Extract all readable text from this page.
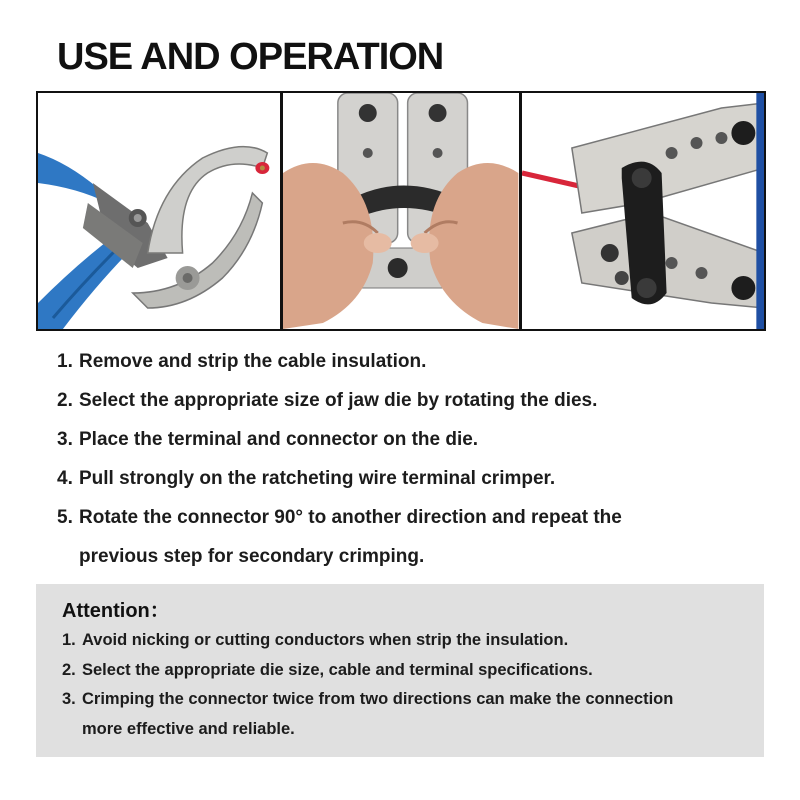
USE AND OPERATION
1. Remove and strip the cable insulation.
2. Select the appropriate size of jaw die by rotating the dies.
3. Place the terminal and connector on the die.
4. Pull strongly on the ratcheting wire terminal crimper.
5. Rotate the connector 90° to another direction and repeat the
previous step for secondary crimping.
Attention：
1. Avoid nicking or cutting conductors when strip the insulation.
2. Select the appropriate die size, cable and terminal specifications.
3. Crimping the connector twice from two directions can make the connection
more effective and reliable.
